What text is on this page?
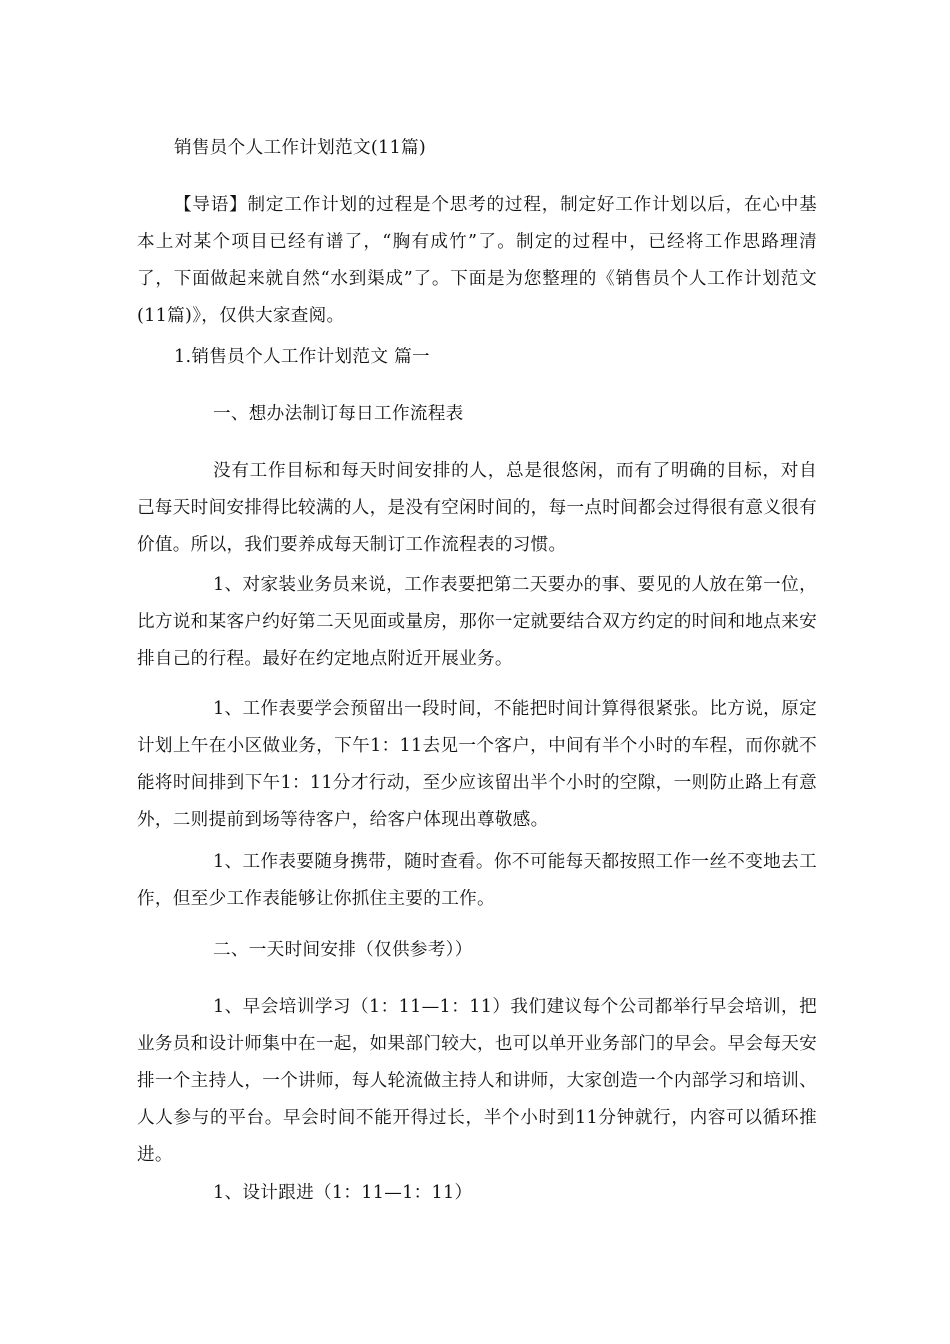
销售员个人工作计划范文(11篇)

【导语】制定工作计划的过程是个思考的过程，制定好工作计划以后，在心中基本上对某个项目已经有谱了，“胸有成竹”了。制定的过程中，已经将工作思路理清了，下面做起来就自然“水到渠成”了。下面是为您整理的《销售员个人工作计划范文(11篇)》，仅供大家查阅。

1.销售员个人工作计划范文 篇一

一、想办法制订每日工作流程表

没有工作目标和每天时间安排的人，总是很悠闲，而有了明确的目标，对自己每天时间安排得比较满的人，是没有空闲时间的，每一点时间都会过得很有意义很有价值。所以，我们要养成每天制订工作流程表的习惯。

1、对家装业务员来说，工作表要把第二天要办的事、要见的人放在第一位，比方说和某客户约好第二天见面或量房，那你一定就要结合双方约定的时间和地点来安排自己的行程。最好在约定地点附近开展业务。

1、工作表要学会预留出一段时间，不能把时间计算得很紧张。比方说，原定计划上午在小区做业务，下午1：11去见一个客户，中间有半个小时的车程，而你就不能将时间排到下午1：11分才行动，至少应该留出半个小时的空隙，一则防止路上有意外，二则提前到场等待客户，给客户体现出尊敬感。

1、工作表要随身携带，随时查看。你不可能每天都按照工作一丝不变地去工作，但至少工作表能够让你抓住主要的工作。

二、一天时间安排（仅供参考））

1、早会培训学习（1：11—1：11）我们建议每个公司都举行早会培训，把业务员和设计师集中在一起，如果部门较大，也可以单开业务部门的早会。早会每天安排一个主持人，一个讲师，每人轮流做主持人和讲师，大家创造一个内部学习和培训、人人参与的平台。早会时间不能开得过长，半个小时到11分钟就行，内容可以循环推进。

1、设计跟进（1：11—1：11）
